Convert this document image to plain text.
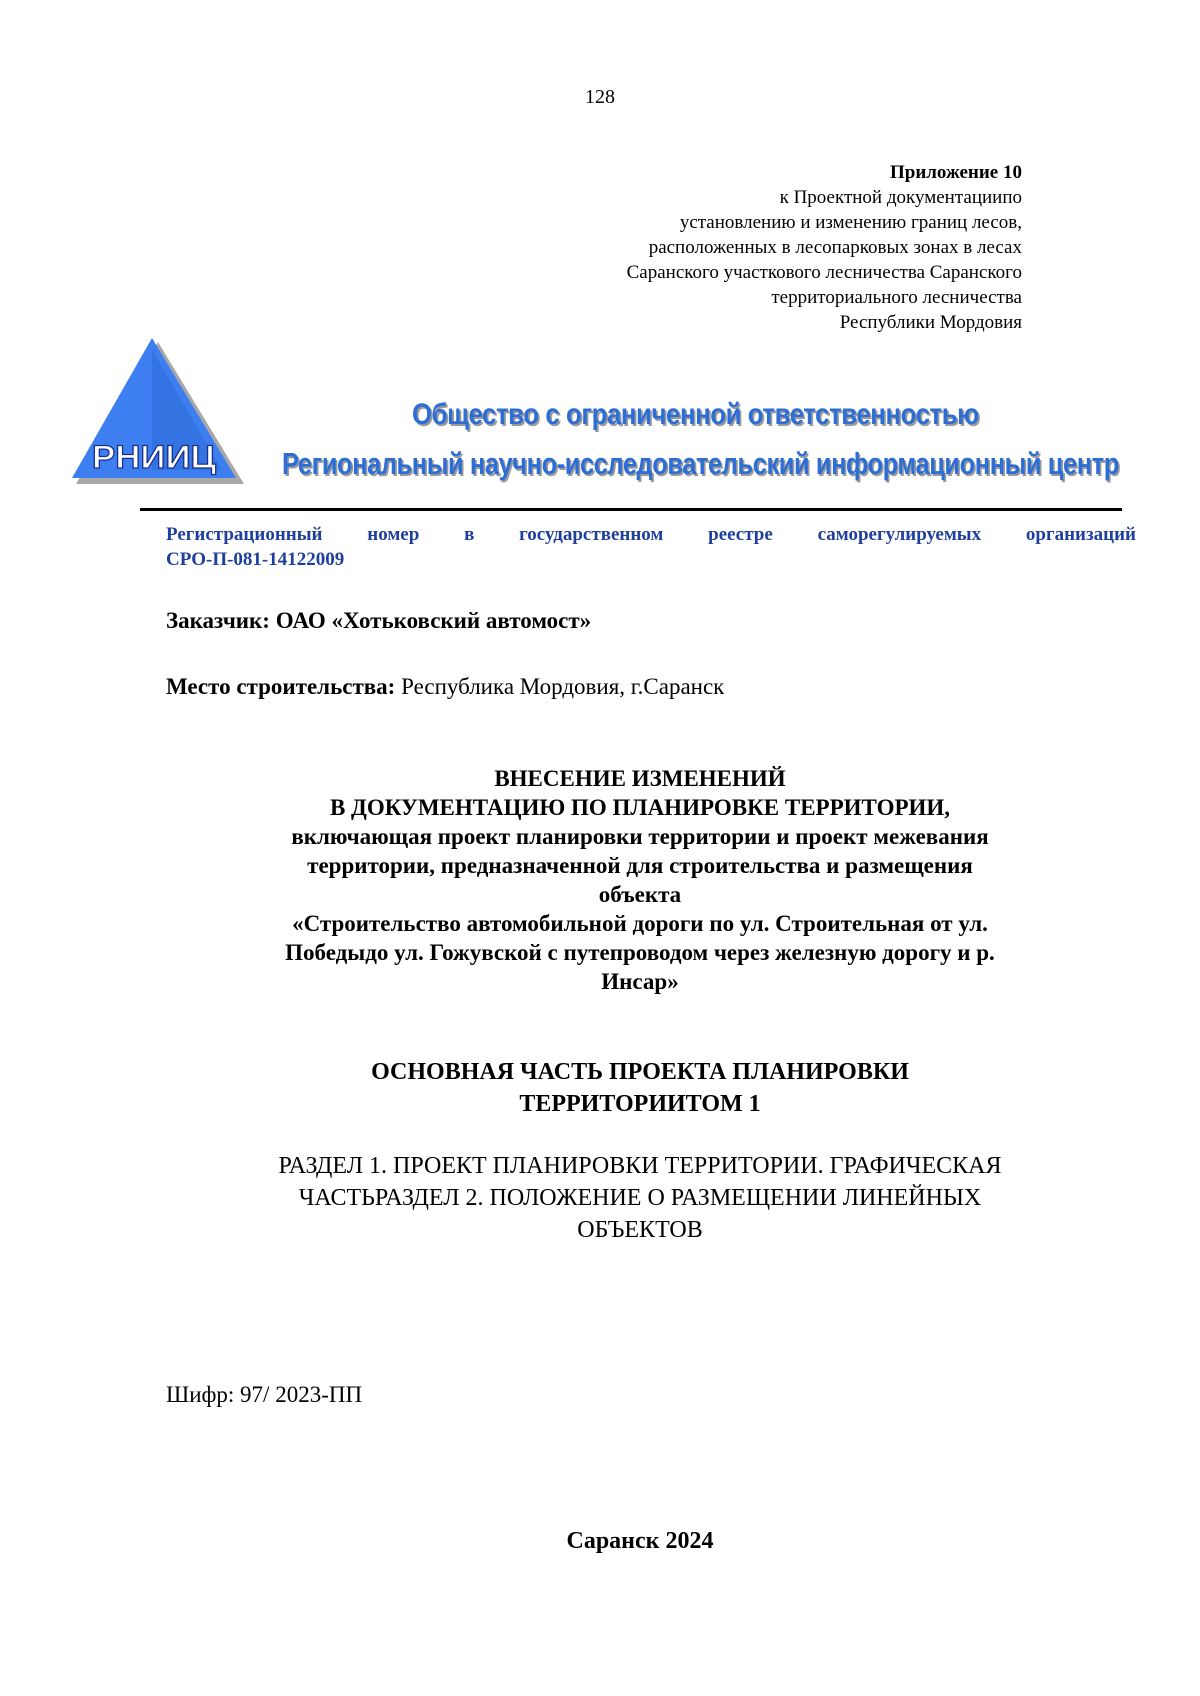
128
Приложение 10
к Проектной документациипо
установлению и изменению границ лесов,
расположенных в лесопарковых зонах в лесах
Саранского участкового лесничества Саранского
территориального лесничества
Республики Мордовия
РНИИЦ
Общество с ограниченной ответственностью
Региональный научно-исследовательский информационный центр
Регистрационный номер в государственном реестре саморегулируемых организаций
СРО-П-081-14122009
Заказчик: ОАО «Хотьковский автомост»
Место строительства: Республика Мордовия, г.Саранск
ВНЕСЕНИЕ ИЗМЕНЕНИЙ
В ДОКУМЕНТАЦИЮ ПО ПЛАНИРОВКЕ ТЕРРИТОРИИ,
включающая проект планировки территории и проект межевания
территории, предназначенной для строительства и размещения
объекта
«Строительство автомобильной дороги по ул. Строительная от ул.
Победыдо ул. Гожувской с путепроводом через железную дорогу и р.
Инсар»
ОСНОВНАЯ ЧАСТЬ ПРОЕКТА ПЛАНИРОВКИ
ТЕРРИТОРИИТОМ 1
РАЗДЕЛ 1. ПРОЕКТ ПЛАНИРОВКИ ТЕРРИТОРИИ. ГРАФИЧЕСКАЯ
ЧАСТЬРАЗДЕЛ 2. ПОЛОЖЕНИЕ О РАЗМЕЩЕНИИ ЛИНЕЙНЫХ
ОБЪЕКТОВ
Шифр: 97/ 2023-ПП
Саранск 2024
